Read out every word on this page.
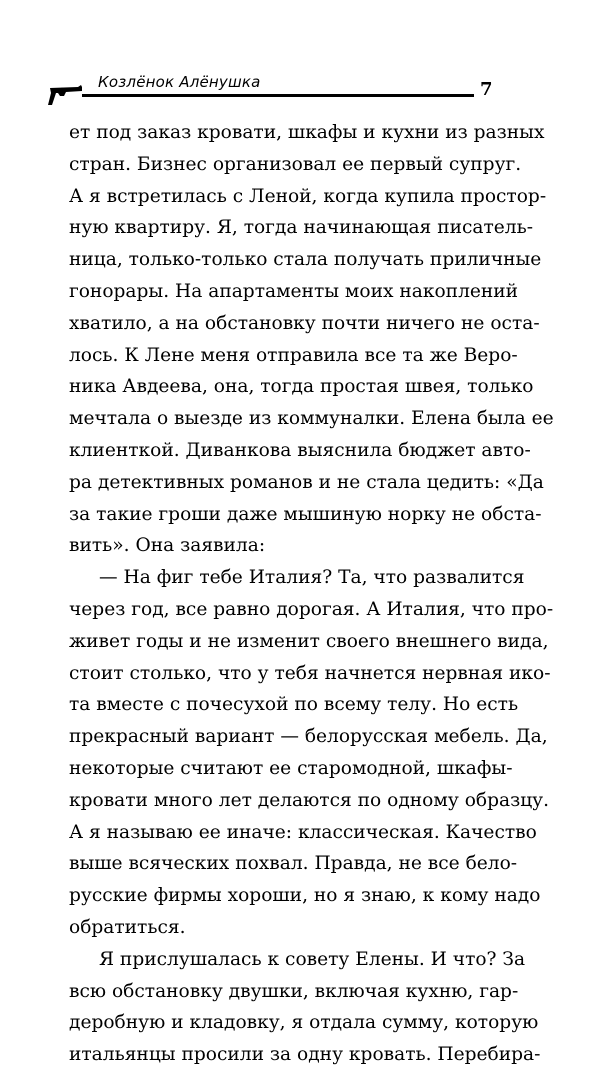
Козлёнок Алёнушка	7
ет под заказ кровати, шкафы и кухни из разных
стран. Бизнес организовал ее первый супруг.
А я встретилась с Леной, когда купила простор-
ную квартиру. Я, тогда начинающая писатель-
ница, только-только стала получать приличные
гонорары. На апартаменты моих накоплений
хватило, а на обстановку почти ничего не оста-
лось. К Лене меня отправила все та же Веро-
ника Авдеева, она, тогда простая швея, только
мечтала о выезде из коммуналки. Елена была ее
клиенткой. Диванкова выяснила бюджет авто-
ра детективных романов и не стала цедить: «Да
за такие гроши даже мышиную норку не обста-
вить». Она заявила:
— На фиг тебе Италия? Та, что развалится
через год, все равно дорогая. А Италия, что про-
живет годы и не изменит своего внешнего вида,
стоит столько, что у тебя начнется нервная ико-
та вместе с почесухой по всему телу. Но есть
прекрасный вариант — белорусская мебель. Да,
некоторые считают ее старомодной, шкафы-
кровати много лет делаются по одному образцу.
А я называю ее иначе: классическая. Качество
выше всяческих похвал. Правда, не все бело-
русские фирмы хороши, но я знаю, к кому надо
обратиться.
Я прислушалась к совету Елены. И что? За
всю обстановку двушки, включая кухню, гар-
деробную и кладовку, я отдала сумму, которую
итальянцы просили за одну кровать. Перебира-
